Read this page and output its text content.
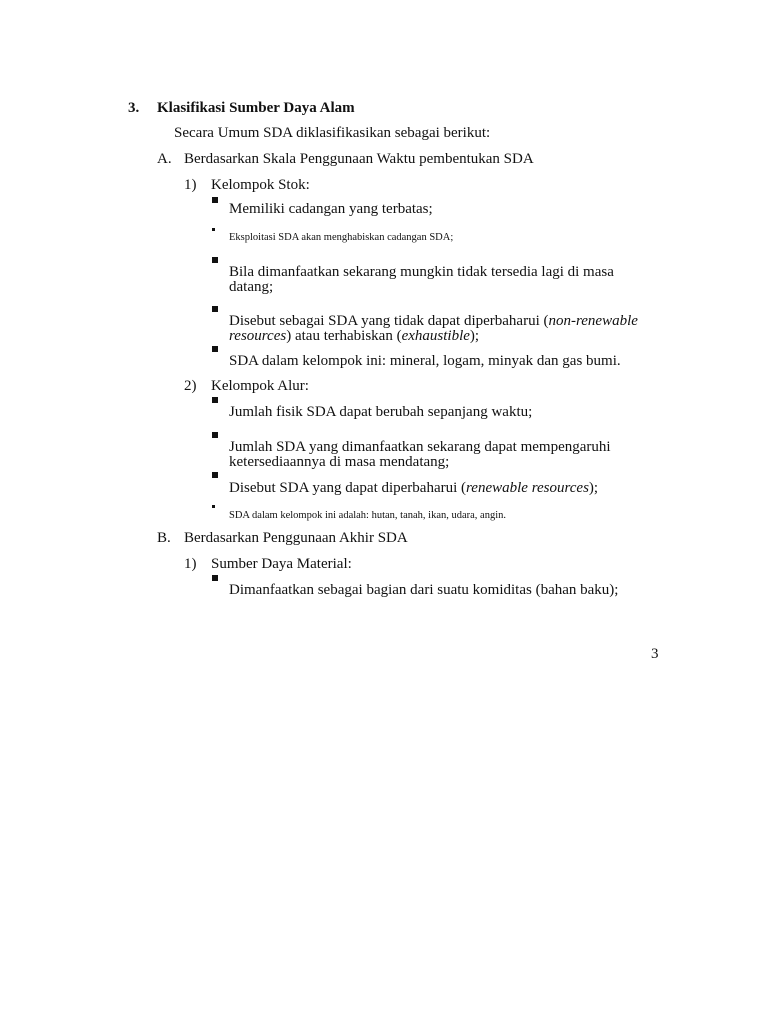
3. Klasifikasi Sumber Daya Alam
Secara Umum SDA diklasifikasikan sebagai berikut:
A. Berdasarkan Skala Penggunaan Waktu pembentukan SDA
1) Kelompok Stok:
Memiliki cadangan yang terbatas;
Eksploitasi SDA akan menghabiskan cadangan SDA;
Bila dimanfaatkan sekarang mungkin tidak tersedia lagi di masa
datang;
Disebut sebagai SDA yang tidak dapat diperbaharui (non-renewable
resources) atau terhabiskan (exhaustible);
SDA dalam kelompok ini: mineral, logam, minyak dan gas bumi.
2) Kelompok Alur:
Jumlah fisik SDA dapat berubah sepanjang waktu;
Jumlah SDA yang dimanfaatkan sekarang dapat mempengaruhi
ketersediaannya di masa mendatang;
Disebut SDA yang dapat diperbaharui (renewable resources);
SDA dalam kelompok ini adalah: hutan, tanah, ikan, udara, angin.
B. Berdasarkan Penggunaan Akhir SDA
1) Sumber Daya Material:
Dimanfaatkan sebagai bagian dari suatu komiditas (bahan baku);
3
